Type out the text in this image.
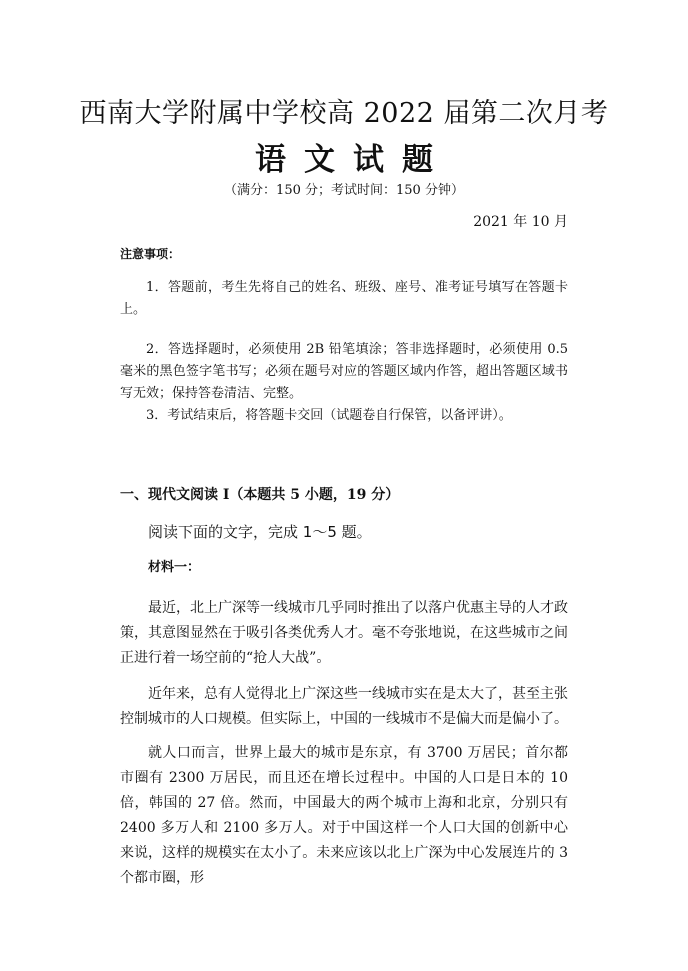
西南大学附属中学校高 2022 届第二次月考
语文试题
（满分：150 分；考试时间：150 分钟）
2021 年 10 月
注意事项：
1．答题前，考生先将自己的姓名、班级、座号、准考证号填写在答题卡上。
2．答选择题时，必须使用 2B 铅笔填涂；答非选择题时，必须使用 0.5 毫米的黑色签字笔书写；必须在题号对应的答题区域内作答，超出答题区域书写无效；保持答卷清洁、完整。
3．考试结束后，将答题卡交回（试题卷自行保管，以备评讲）。
一、现代文阅读 I（本题共 5 小题，19 分）
阅读下面的文字，完成 1～5 题。
材料一：
最近，北上广深等一线城市几乎同时推出了以落户优惠主导的人才政策，其意图显然在于吸引各类优秀人才。毫不夸张地说，在这些城市之间正进行着一场空前的“抢人大战”。
近年来，总有人觉得北上广深这些一线城市实在是太大了，甚至主张控制城市的人口规模。但实际上，中国的一线城市不是偏大而是偏小了。
就人口而言，世界上最大的城市是东京，有 3700 万居民；首尔都市圈有 2300 万居民，而且还在增长过程中。中国的人口是日本的 10 倍，韩国的 27 倍。然而，中国最大的两个城市上海和北京，分别只有 2400 多万人和 2100 多万人。对于中国这样一个人口大国的创新中心来说，这样的规模实在太小了。未来应该以北上广深为中心发展连片的 3 个都市圈，形
